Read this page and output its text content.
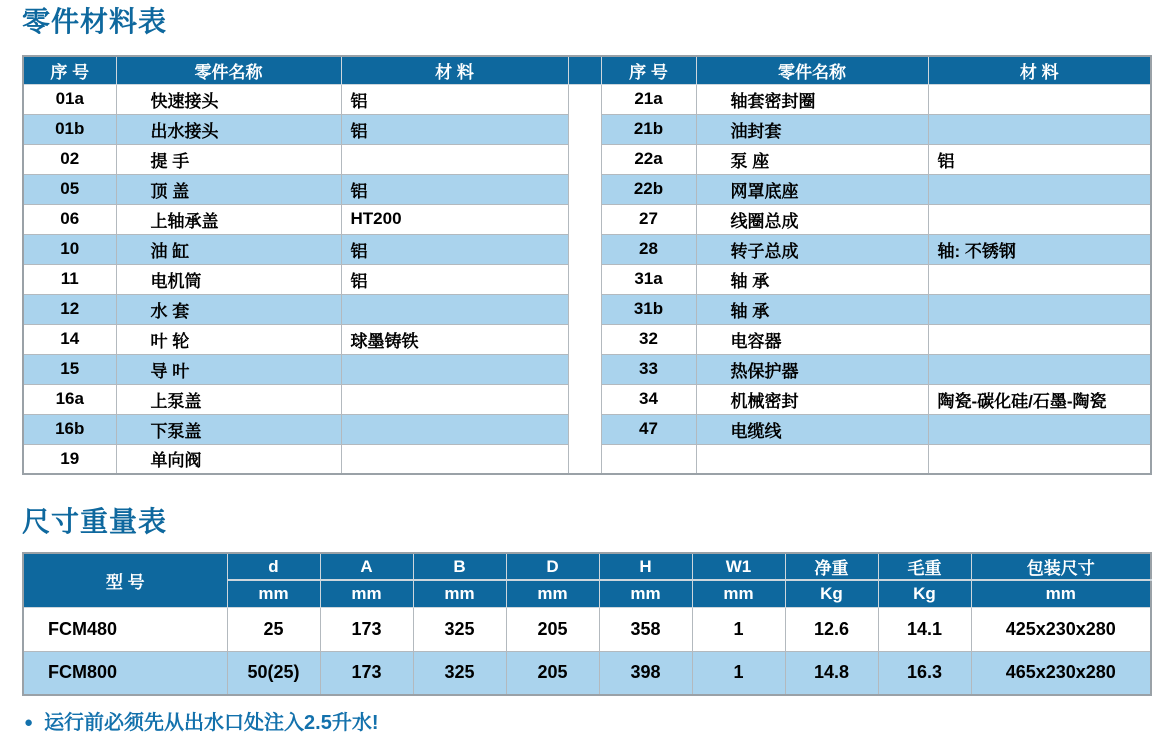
零件材料表
序 号	零件名称	材 料		序 号	零件名称	材 料
01a	快速接头	铝		21a	轴套密封圈	
01b	出水接头	铝		21b	油封套	
02	提 手			22a	泵 座	铝
05	顶 盖	铝		22b	网罩底座	
06	上轴承盖	HT200		27	线圈总成	
10	油 缸	铝		28	转子总成	轴: 不锈钢
11	电机筒	铝		31a	轴 承	
12	水 套			31b	轴 承	
14	叶 轮	球墨铸铁		32	电容器	
15	导 叶			33	热保护器	
16a	上泵盖			34	机械密封	陶瓷-碳化硅/石墨-陶瓷
16b	下泵盖			47	电缆线	
19	单向阀					
尺寸重量表
型 号	d	A	B	D	H	W1	净重	毛重	包装尺寸
	mm	mm	mm	mm	mm	mm	Kg	Kg	mm
FCM480	25	173	325	205	358	1	12.6	14.1	425x230x280
FCM800	50(25)	173	325	205	398	1	14.8	16.3	465x230x280
● 运行前必须先从出水口处注入2.5升水!
